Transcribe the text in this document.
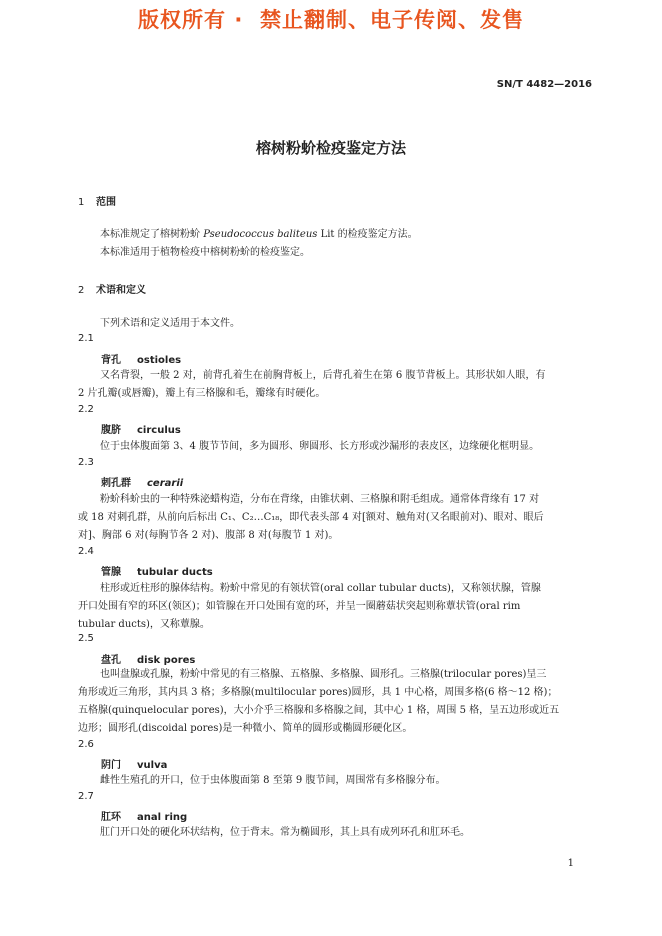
版权所有 ·  禁止翻制、电子传阅、发售
SN/T 4482—2016
榕树粉蚧检疫鉴定方法
1 范围
本标准规定了榕树粉蚧 Pseudococcus baliteus Lit 的检疫鉴定方法。
本标准适用于植物检疫中榕树粉蚧的检疫鉴定。
2 术语和定义
下列术语和定义适用于本文件。
2.1
背孔 ostioles
又名背裂，一般 2 对，前背孔着生在前胸背板上，后背孔着生在第 6 腹节背板上。其形状如人眼，有
2 片孔瓣(或唇瓣)，瓣上有三格腺和毛，瓣缘有时硬化。
2.2
腹脐 circulus
位于虫体腹面第 3、4 腹节节间，多为圆形、卵圆形、长方形或沙漏形的表皮区，边缘硬化框明显。
2.3
刺孔群 cerarii
粉蚧科蚧虫的一种特殊泌蜡构造，分布在背缘，由锥状刺、三格腺和附毛组成。通常体背缘有 17 对
或 18 对刺孔群，从前向后标出 C₁、C₂…C₁₈，即代表头部 4 对[额对、触角对(又名眼前对)、眼对、眼后
对]、胸部 6 对(每胸节各 2 对)、腹部 8 对(每腹节 1 对)。
2.4
管腺 tubular ducts
柱形或近柱形的腺体结构。粉蚧中常见的有领状管(oral collar tubular ducts)，又称领状腺，管腺
开口处围有窄的环区(领区)；如管腺在开口处围有宽的环，并呈一圈蘑菇状突起则称蕈状管(oral rim
tubular ducts)，又称蕈腺。
2.5
盘孔 disk pores
也叫盘腺或孔腺，粉蚧中常见的有三格腺、五格腺、多格腺、圆形孔。三格腺(trilocular pores)呈三
角形或近三角形，其内具 3 格；多格腺(multilocular pores)圆形，具 1 中心格，周围多格(6 格～12 格)；
五格腺(quinquelocular pores)，大小介乎三格腺和多格腺之间，其中心 1 格，周围 5 格，呈五边形或近五
边形；圆形孔(discoidal pores)是一种微小、简单的圆形或椭圆形硬化区。
2.6
阴门 vulva
雌性生殖孔的开口，位于虫体腹面第 8 至第 9 腹节间，周围常有多格腺分布。
2.7
肛环 anal ring
肛门开口处的硬化环状结构，位于背末。常为椭圆形，其上具有成列环孔和肛环毛。
1
